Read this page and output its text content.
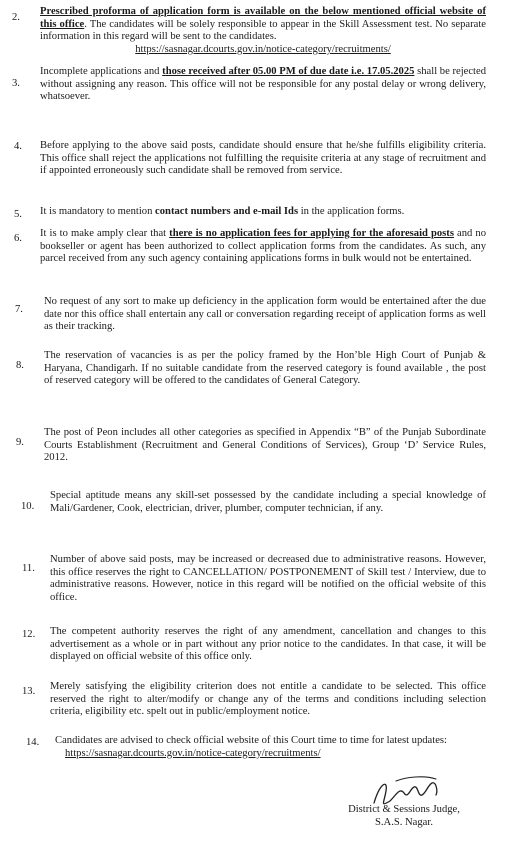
2.
Prescribed proforma of application form is available on the below mentioned official website of this office. The candidates will be solely responsible to appear in the Skill Assessment test. No separate information in this regard will be sent to the candidates.
https://sasnagar.dcourts.gov.in/notice-category/recruitments/
3.
Incomplete applications and those received after 05.00 PM of due date i.e. 17.05.2025 shall be rejected without assigning any reason. This office will not be responsible for any postal delay or wrong delivery, whatsoever.
4. Before applying to the above said posts, candidate should ensure that he/she fulfills eligibility criteria. This office shall reject the applications not fulfilling the requisite criteria at any stage of recruitment and if appointed erroneously such candidate shall be removed from service.
5. It is mandatory to mention contact numbers and e-mail Ids in the application forms.
6. It is to make amply clear that there is no application fees for applying for the aforesaid posts and no bookseller or agent has been authorized to collect application forms from the candidates. As such, any parcel received from any such agency containing applications forms in bulk would not be entertained.
7.
No request of any sort to make up deficiency in the application form would be entertained after the due date nor this office shall entertain any call or conversation regarding receipt of application forms as well as their tracking.
8.
The reservation of vacancies is as per the policy framed by the Hon’ble High Court of Punjab & Haryana, Chandigarh. If no suitable candidate from the reserved category is found available , the post of reserved category will be offered to the candidates of General Category.
9.
The post of Peon includes all other categories as specified in Appendix “B” of the Punjab Subordinate Courts Establishment (Recruitment and General Conditions of Services), Group ‘D’ Service Rules, 2012.
10.
Special aptitude means any skill-set possessed by the candidate including a special knowledge of Mali/Gardener, Cook, electrician, driver, plumber, computer technician, if any.
11.
Number of above said posts, may be increased or decreased due to administrative reasons. However, this office reserves the right to CANCELLATION/ POSTPONEMENT of Skill test / Interview, due to administrative reasons. However, notice in this regard will be notified on the official website of this office.
12. The competent authority reserves the right of any amendment, cancellation and changes to this advertisement as a whole or in part without any prior notice to the candidates. In that case, it will be displayed on official website of this office only.
13. Merely satisfying the eligibility criterion does not entitle a candidate to be selected. This office reserved the right to alter/modify or change any of the terms and conditions including selection criteria, eligibility etc. spelt out in public/employment notice.
14. Candidates are advised to check official website of this Court time to time for latest updates:
https://sasnagar.dcourts.gov.in/notice-category/recruitments/
District & Sessions Judge,
S.A.S. Nagar.
